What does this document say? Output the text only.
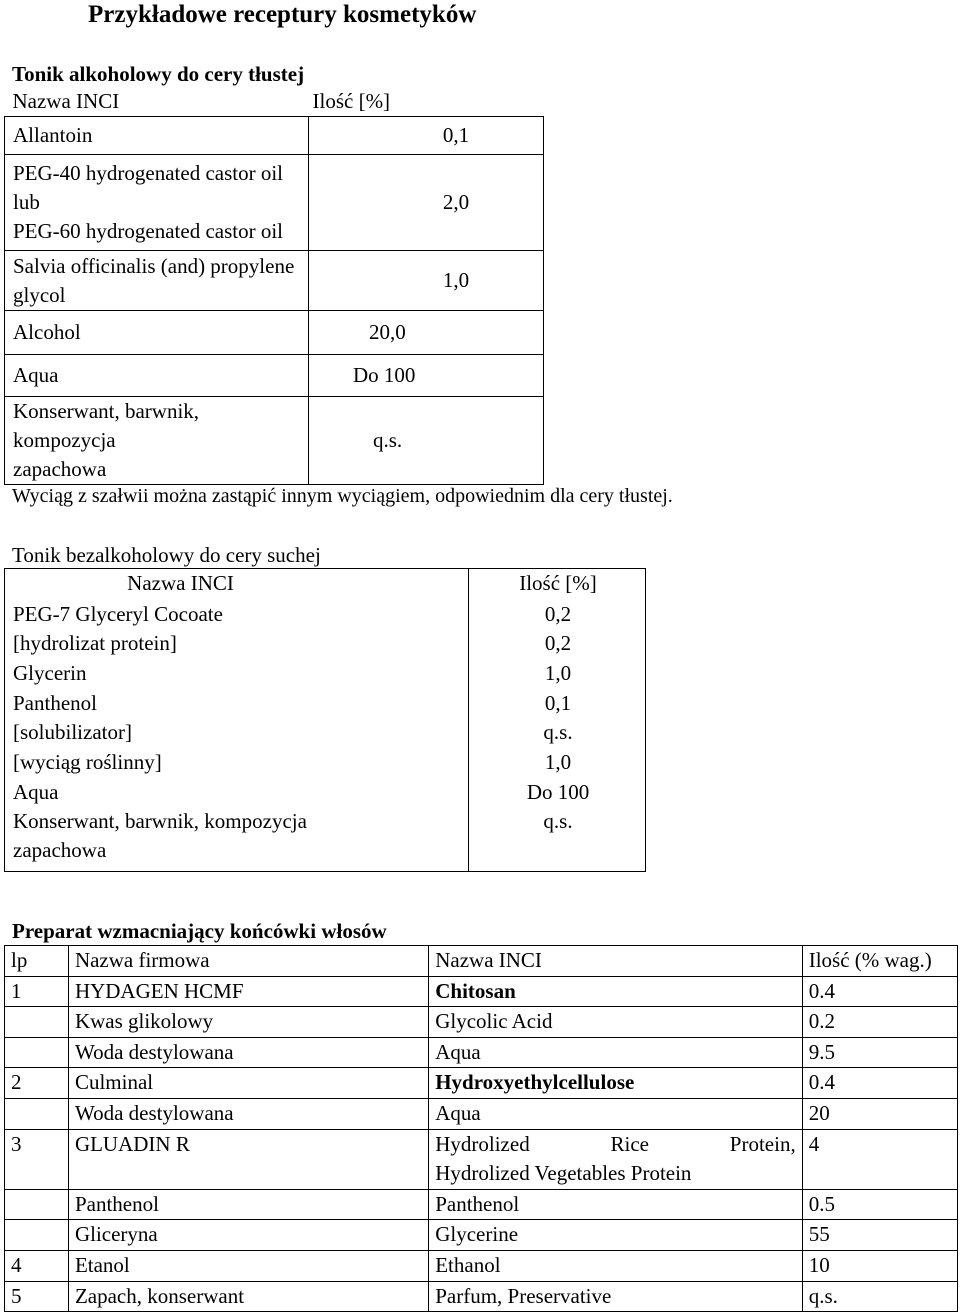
Przykładowe receptury kosmetyków
Tonik alkoholowy do cery tłustej
Nazwa INCI	Ilość [%]
Allantoin	0,1

PEG-40 hydrogenated castor oil
lub
PEG-60 hydrogenated castor oil	2,0

Salvia officinalis (and) propylene
glycol	1,0
Alcohol	20,0
Aqua	Do 100

Konserwant, barwnik, kompozycja
zapachowa	q.s.
Wyciąg z szałwii można zastąpić innym wyciągiem, odpowiednim dla cery tłustej.
Tonik bezalkoholowy do cery suchej
Nazwa INCI	Ilość [%]
PEG-7 Glyceryl Cocoate	0,2
[hydrolizat protein]	0,2
Glycerin	1,0
Panthenol	0,1
[solubilizator]	q.s.
[wyciąg roślinny]	1,0
Aqua	Do 100

Konserwant, barwnik, kompozycja
zapachowa	q.s.
Preparat wzmacniający końcówki włosów
lp	Nazwa firmowa	Nazwa INCI	Ilość (% wag.)
1	HYDAGEN HCMF	Chitosan	0.4
	Kwas glikolowy	Glycolic Acid	0.2
	Woda destylowana	Aqua	9.5
2	Culminal	Hydroxyethylcellulose	0.4
	Woda destylowana	Aqua	20
3	GLUADIN R	Hydrolized Rice Protein,
Hydrolized Vegetables Protein	4
	Panthenol	Panthenol	0.5
	Gliceryna	Glycerine	55
4	Etanol	Ethanol	10
5	Zapach, konserwant	Parfum, Preservative	q.s.
